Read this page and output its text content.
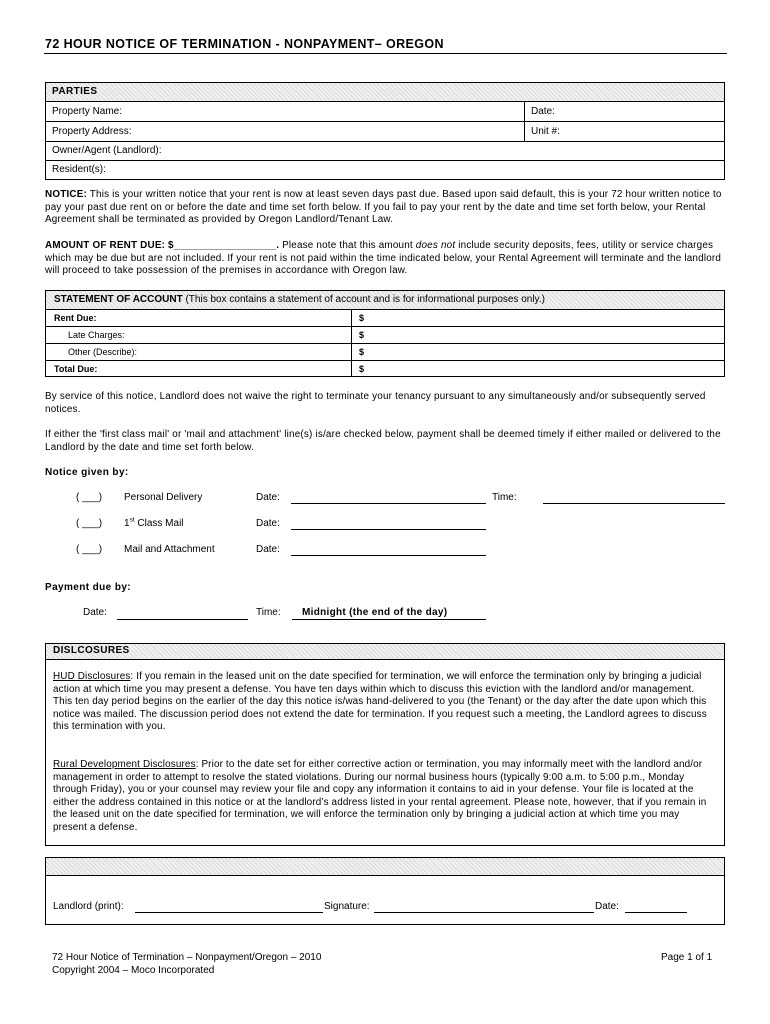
72 HOUR NOTICE OF TERMINATION - NONPAYMENT– OREGON
PARTIES
Property Name:	Date:
Property Address:	Unit #:
Owner/Agent (Landlord):
Resident(s):
NOTICE: This is your written notice that your rent is now at least seven days past due. Based upon said default, this is your 72 hour written notice to pay your past due rent on or before the date and time set forth below. If you fail to pay your rent by the date and time set forth below, your Rental Agreement shall be terminated as provided by Oregon Landlord/Tenant Law.
AMOUNT OF RENT DUE: $__________________. Please note that this amount does not include security deposits, fees, utility or service charges which may be due but are not included. If your rent is not paid within the time indicated below, your Rental Agreement will terminate and the landlord will proceed to take possession of the premises in accordance with Oregon law.
STATEMENT OF ACCOUNT (This box contains a statement of account and is for informational purposes only.)
Rent Due:	$
Late Charges:	$
Other (Describe):	$
Total Due:	$
By service of this notice, Landlord does not waive the right to terminate your tenancy pursuant to any simultaneously and/or subsequently served notices.
If either the 'first class mail' or 'mail and attachment' line(s) is/are checked below, payment shall be deemed timely if either mailed or delivered to the Landlord by the date and time set forth below.
Notice given by:
( ___) Personal Delivery	Date:	Time:
( ___) 1st Class Mail	Date:
( ___) Mail and Attachment	Date:
Payment due by:
Date:	Time: Midnight (the end of the day)
DISLCOSURES
HUD Disclosures: If you remain in the leased unit on the date specified for termination, we will enforce the termination only by bringing a judicial action at which time you may present a defense. You have ten days within which to discuss this eviction with the landlord and/or management. This ten day period begins on the earlier of the day this notice is/was hand-delivered to you (the Tenant) or the day after the date upon which this notice was mailed. The discussion period does not extend the date for termination. If you request such a meeting, the Landlord agrees to discuss this termination with you.
Rural Development Disclosures: Prior to the date set for either corrective action or termination, you may informally meet with the landlord and/or management in order to attempt to resolve the stated violations. During our normal business hours (typically 9:00 a.m. to 5:00 p.m., Monday through Friday), you or your counsel may review your file and copy any information it contains to aid in your defense. Your file is located at the either the address contained in this notice or at the landlord’s address listed in your rental agreement. Please note, however, that if you remain in the leased unit on the date specified for termination, we will enforce the termination only by bringing a judicial action at which time you may present a defense.
Landlord (print):	Signature:	Date:
72 Hour Notice of Termination – Nonpayment/Oregon – 2010
Copyright 2004 – Moco Incorporated
Page 1 of 1
